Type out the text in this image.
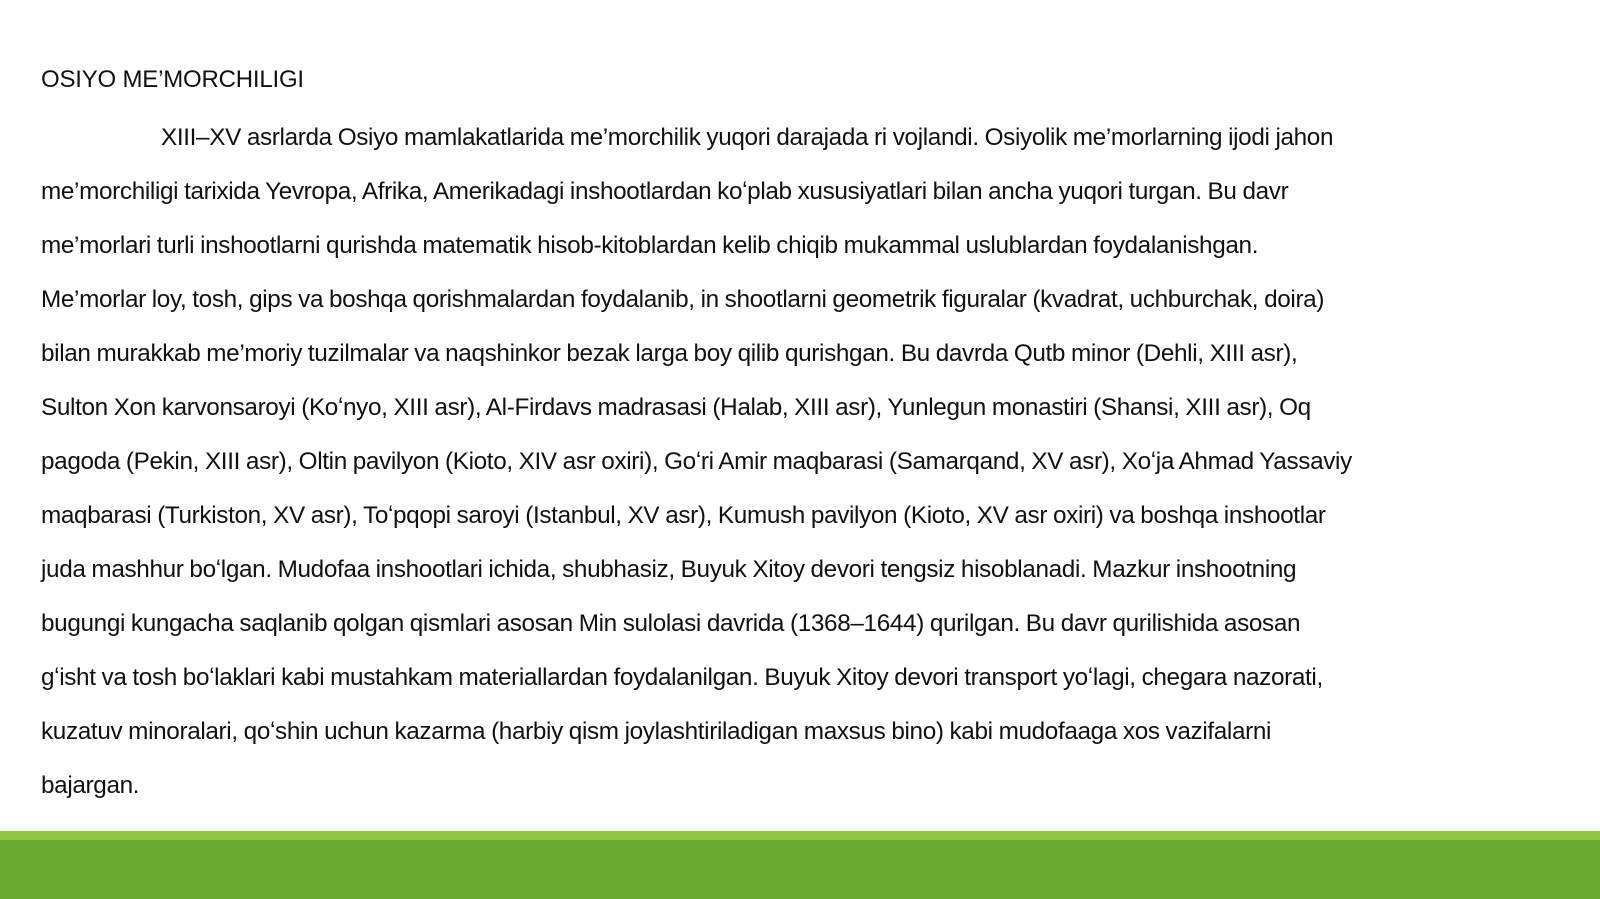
OSIYO ME’MORCHILIGI

XIII–XV asrlarda Osiyo mamlakatlarida me’morchilik yuqori darajada ri vojlandi. Osiyolik me’morlarning ijodi jahon
me’morchiligi tarixida Yevropa, Afrika, Amerikadagi inshootlardan koʻplab xususiyatlari bilan ancha yuqori turgan. Bu davr
me’morlari turli inshootlarni qurishda matematik hisob-kitoblardan kelib chiqib mukammal uslublardan foydalanishgan.
Me’morlar loy, tosh, gips va boshqa qorishmalardan foydalanib, in shootlarni geometrik figuralar (kvadrat, uchburchak, doira)
bilan murakkab me’moriy tuzilmalar va naqshinkor bezak larga boy qilib qurishgan. Bu davrda Qutb minor (Dehli, XIII asr),
Sulton Xon karvonsaroyi (Koʻnyo, XIII asr), Al-Firdavs madrasasi (Halab, XIII asr), Yunlegun monastiri (Shansi, XIII asr), Oq
pagoda (Pekin, XIII asr), Oltin pavilyon (Kioto, XIV asr oxiri), Goʻri Amir maqbarasi (Samarqand, XV asr), Xoʻja Ahmad Yassaviy
maqbarasi (Turkiston, XV asr), Toʻpqopi saroyi (Istanbul, XV asr), Kumush pavilyon (Kioto, XV asr oxiri) va boshqa inshootlar
juda mashhur boʻlgan. Mudofaa inshootlari ichida, shubhasiz, Buyuk Xitoy devori tengsiz hisoblanadi. Mazkur inshootning
bugungi kungacha saqlanib qolgan qismlari asosan Min sulolasi davrida (1368–1644) qurilgan. Bu davr qurilishida asosan
gʻisht va tosh boʻlaklari kabi mustahkam materiallardan foydalanilgan. Buyuk Xitoy devori transport yoʻlagi, chegara nazorati,
kuzatuv minoralari, qoʻshin uchun kazarma (harbiy qism joylashtiriladigan maxsus bino) kabi mudofaaga xos vazifalarni
bajargan.
